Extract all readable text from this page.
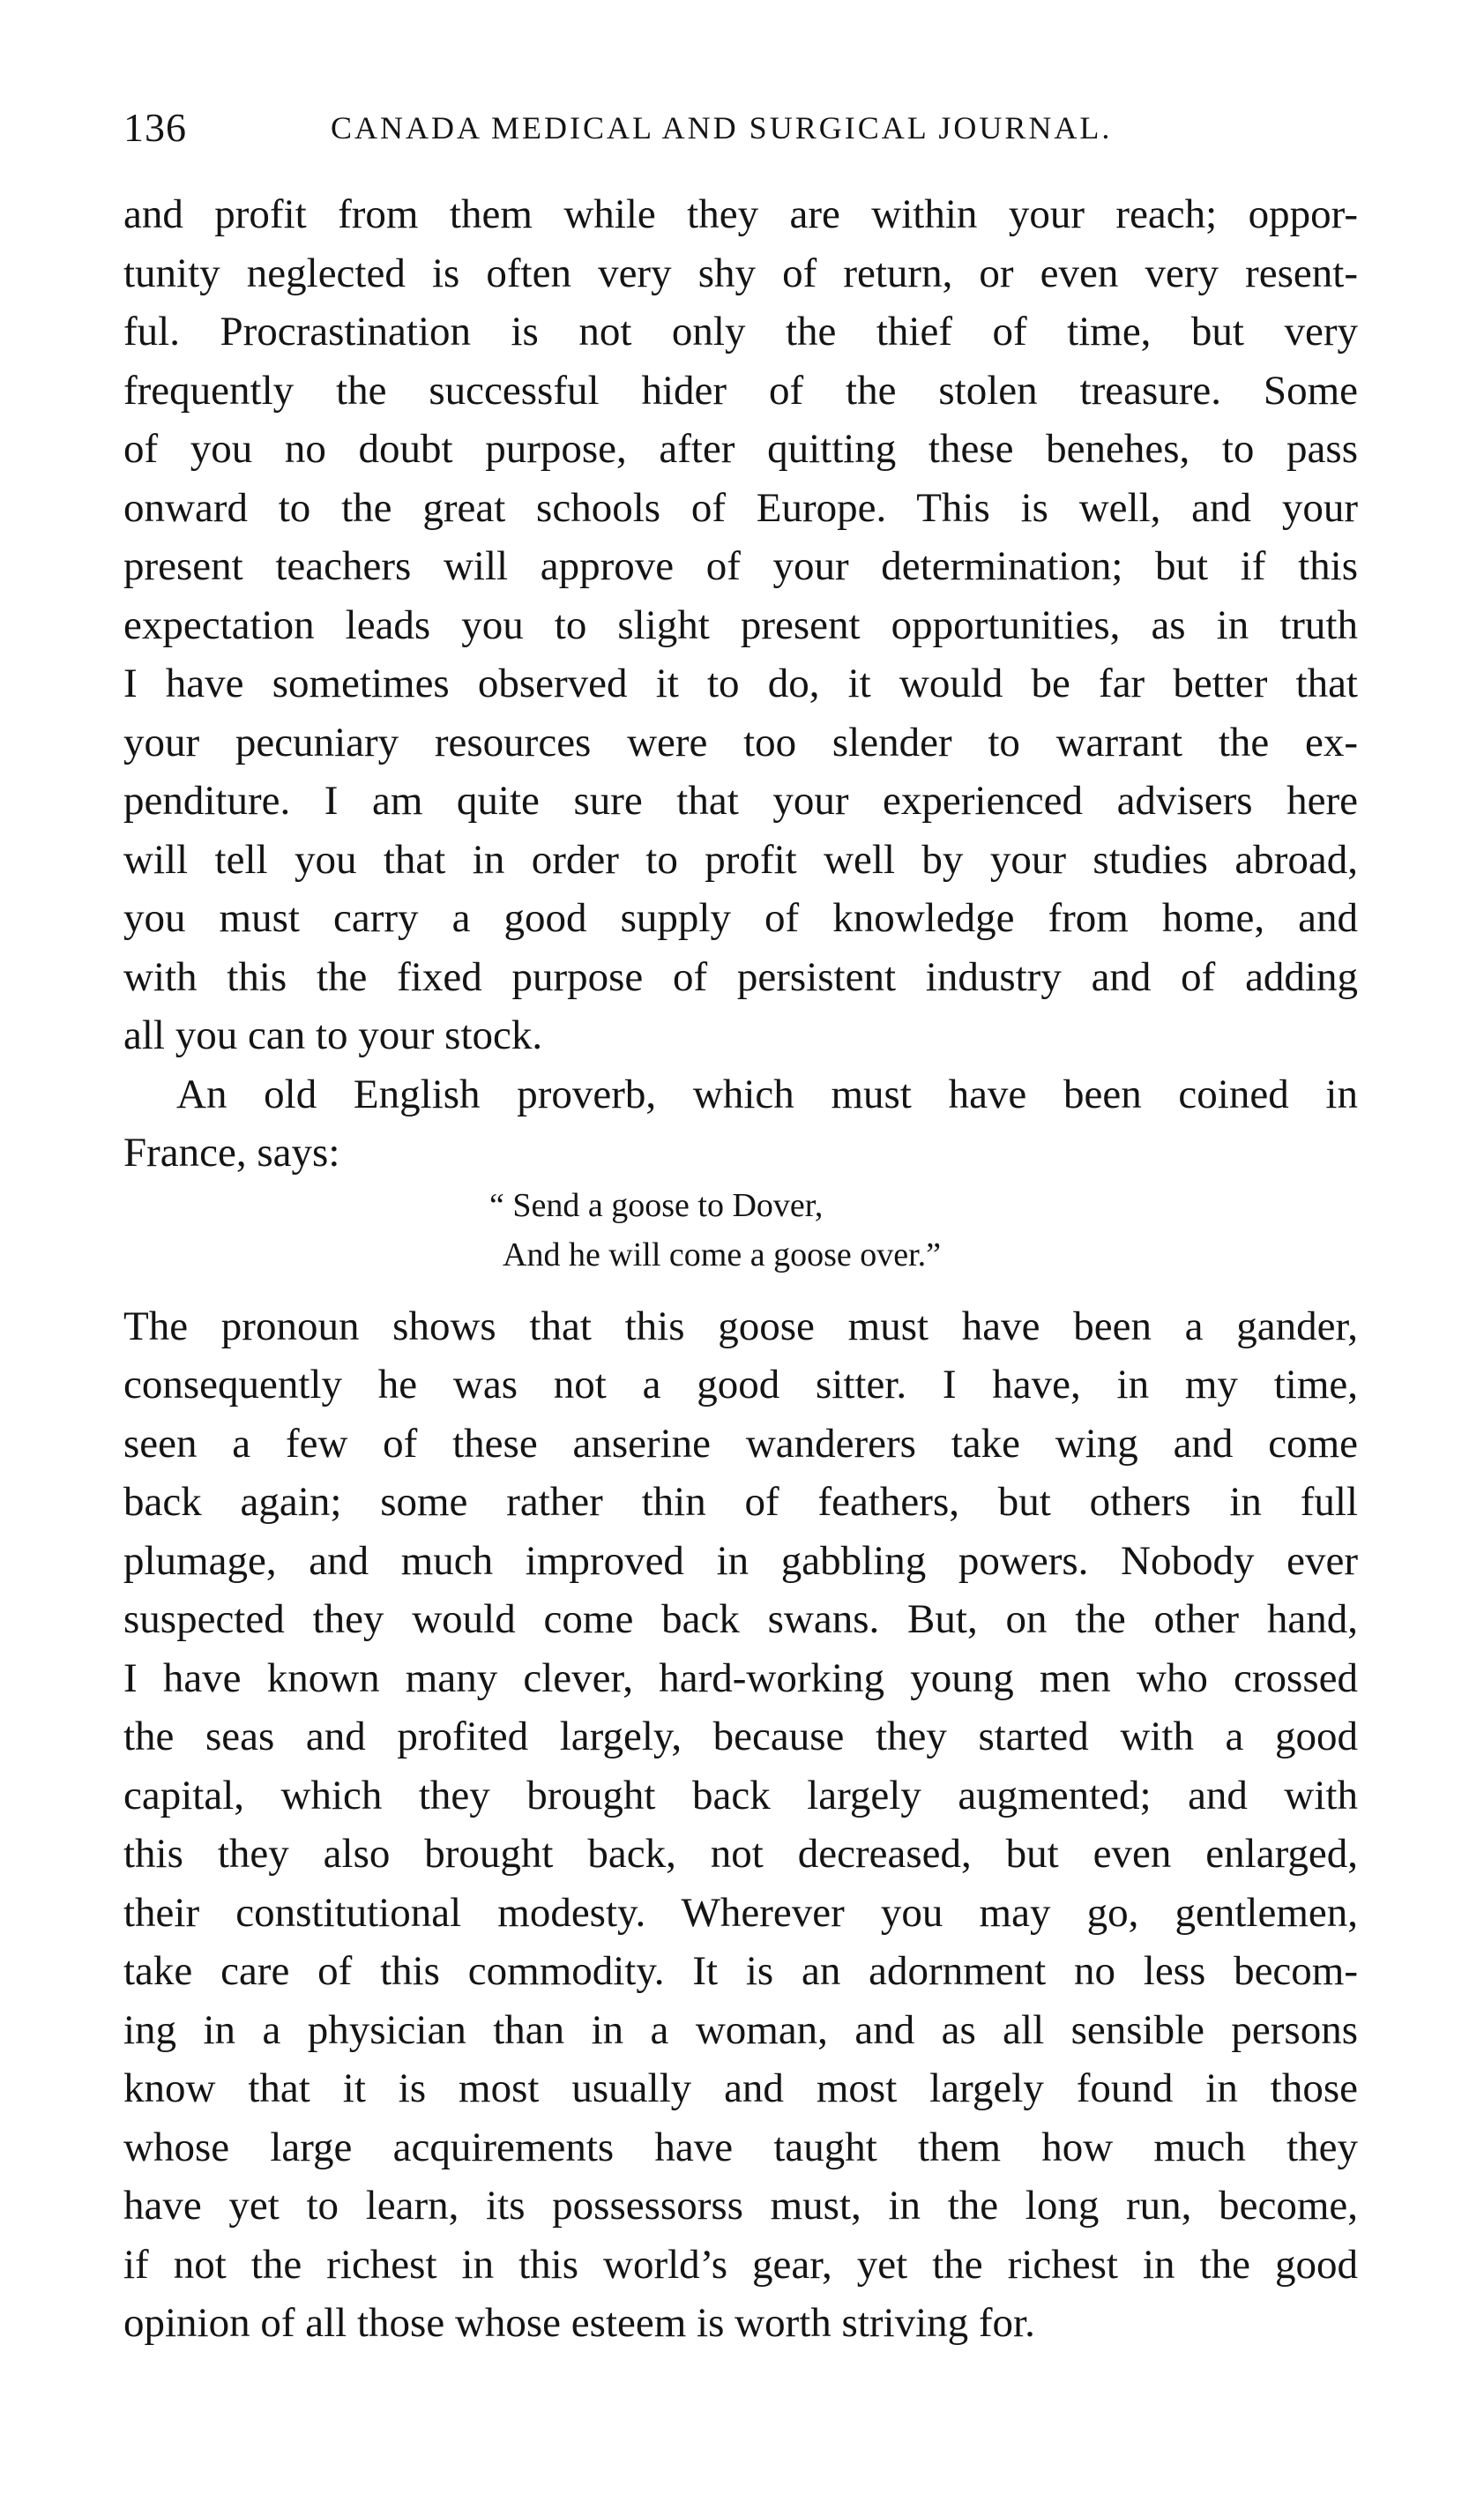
136	CANADA MEDICAL AND SURGICAL JOURNAL.
and profit from them while they are within your reach; oppor-
tunity neglected is often very shy of return, or even very resent-
ful. Procrastination is not only the thief of time, but very
frequently the successful hider of the stolen treasure. Some
of you no doubt purpose, after quitting these benehes, to pass
onward to the great schools of Europe. This is well, and your
present teachers will approve of your determination; but if this
expectation leads you to slight present opportunities, as in truth
I have sometimes observed it to do, it would be far better that
your pecuniary resources were too slender to warrant the ex-
penditure. I am quite sure that your experienced advisers here
will tell you that in order to profit well by your studies abroad,
you must carry a good supply of knowledge from home, and
with this the fixed purpose of persistent industry and of adding
all you can to your stock.
An old English proverb, which must have been coined in
France, says:
“ Send a goose to Dover,
And he will come a goose over.”
The pronoun shows that this goose must have been a gander,
consequently he was not a good sitter. I have, in my time,
seen a few of these anserine wanderers take wing and come
back again; some rather thin of feathers, but others in full
plumage, and much improved in gabbling powers. Nobody ever
suspected they would come back swans. But, on the other hand,
I have known many clever, hard-working young men who crossed
the seas and profited largely, because they started with a good
capital, which they brought back largely augmented; and with
this they also brought back, not decreased, but even enlarged,
their constitutional modesty. Wherever you may go, gentlemen,
take care of this commodity. It is an adornment no less becom-
ing in a physician than in a woman, and as all sensible persons
know that it is most usually and most largely found in those
whose large acquirements have taught them how much they
have yet to learn, its possessorss must, in the long run, become,
if not the richest in this world’s gear, yet the richest in the good
opinion of all those whose esteem is worth striving for.
